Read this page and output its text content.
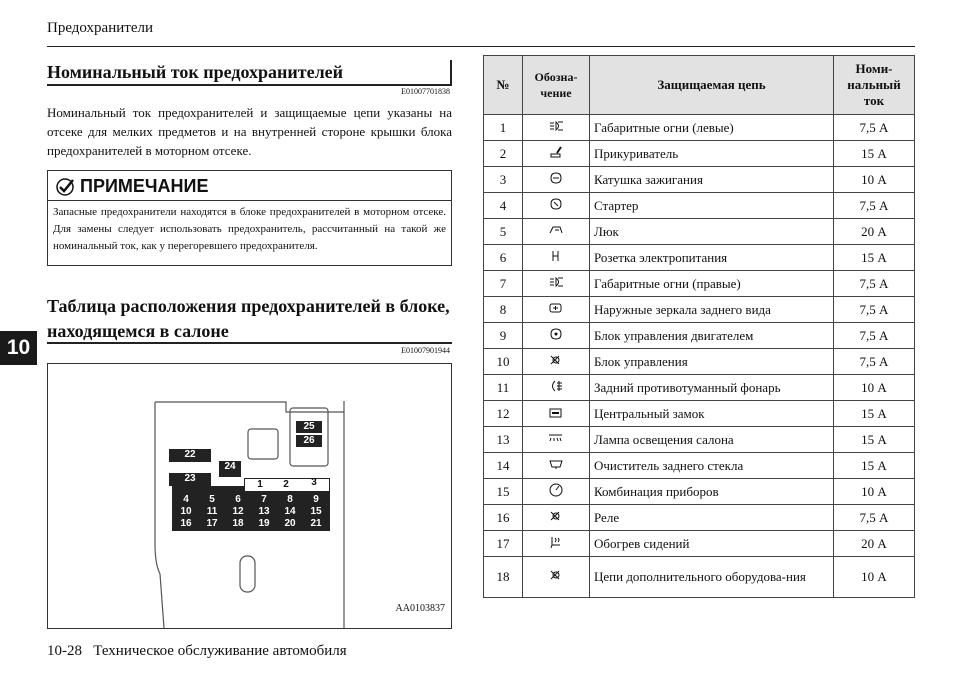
Предохранители
10
Номинальный ток предохранителей
E01007701838
Номинальный ток предохранителей и защищаемые цепи указаны на отсеке для мелких предметов и на внутренней стороне крышки блока предохранителей в моторном отсеке.
ПРИМЕЧАНИЕ
Запасные предохранители находятся в блоке предохранителей в моторном отсеке. Для замены следует использовать предохранитель, рассчитанный на такой же номинальный ток, как у перегоревшего предохранителя.
Таблица расположения предохранителей в блоке, находящемся в салоне
E01007901944
22
23
24
25
26
1	2	3
4	5	6	7	8	9
10	11	12	13	14	15
16	17	18	19	20	21
AA0103837
10-28 Техническое обслуживание автомобиля
№	Обозна-чение	Защищаемая цепь	Номи-нальный ток
1		Габаритные огни (левые)	7,5 А
2		Прикуриватель	15 А
3		Катушка зажигания	10 А
4		Стартер	7,5 А
5		Люк	20 А
6		Розетка электропитания	15 А
7		Габаритные огни (правые)	7,5 А
8		Наружные зеркала заднего вида	7,5 А
9		Блок управления двигателем	7,5 А
10		Блок управления	7,5 А
11		Задний противотуманный фонарь	10 А
12		Центральный замок	15 А
13		Лампа освещения салона	15 А
14		Очиститель заднего стекла	15 А
15		Комбинация приборов	10 А
16		Реле	7,5 А
17		Обогрев сидений	20 А
18		Цепи дополнительного оборудова-ния	10 А
